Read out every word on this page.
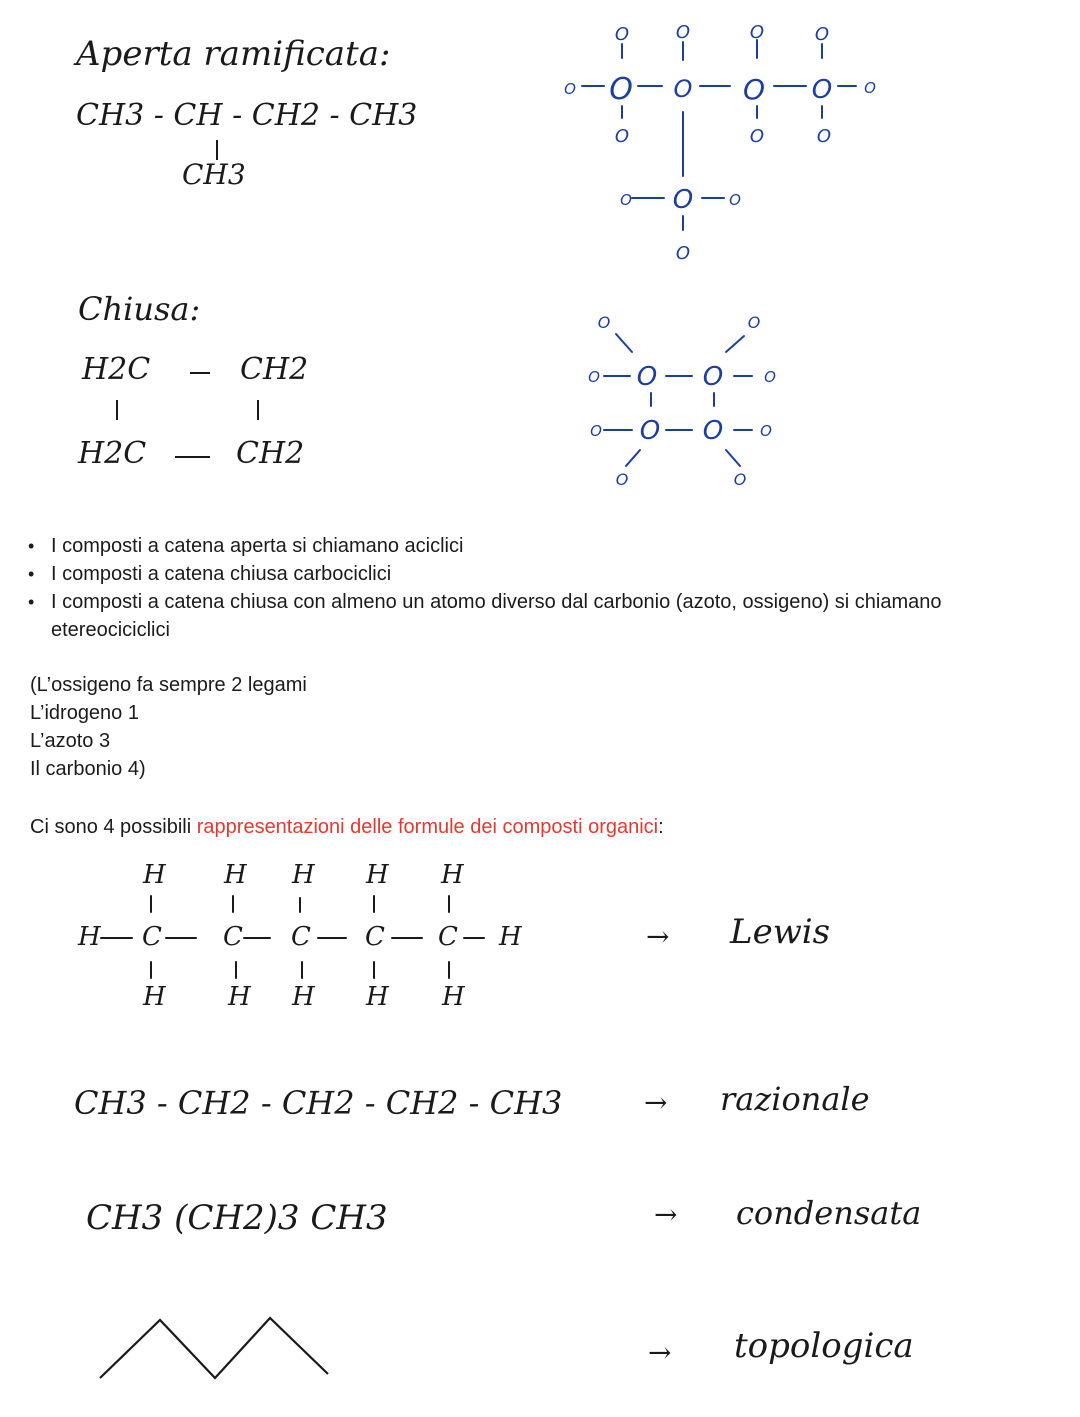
Aperta ramificata:
CH3 - CH - CH2 - CH3
CH3
Chiusa:
H2C	CH2
H2C	CH2
O O O O O O
O	O	O	O
O	O	O
O O O
O
O	O
O O O	O
O O O O
O	O
• I composti a catena aperta si chiamano aciclici
• I composti a catena chiusa carbociclici
• I composti a catena chiusa con almeno un atomo diverso dal carbonio (azoto, ossigeno) si chiamano etereociciclici
(L’ossigeno fa sempre 2 legami
L’idrogeno 1
L’azoto 3
Il carbonio 4)
Ci sono 4 possibili rappresentazioni delle formule dei composti organici:
H	H
H H H H H
C C C C C
H H H H H
CH3 - CH2 - CH2 - CH2 - CH3
CH3 (CH2)3 CH3
→ Lewis
→ razionale
→ condensata
→ topologica
